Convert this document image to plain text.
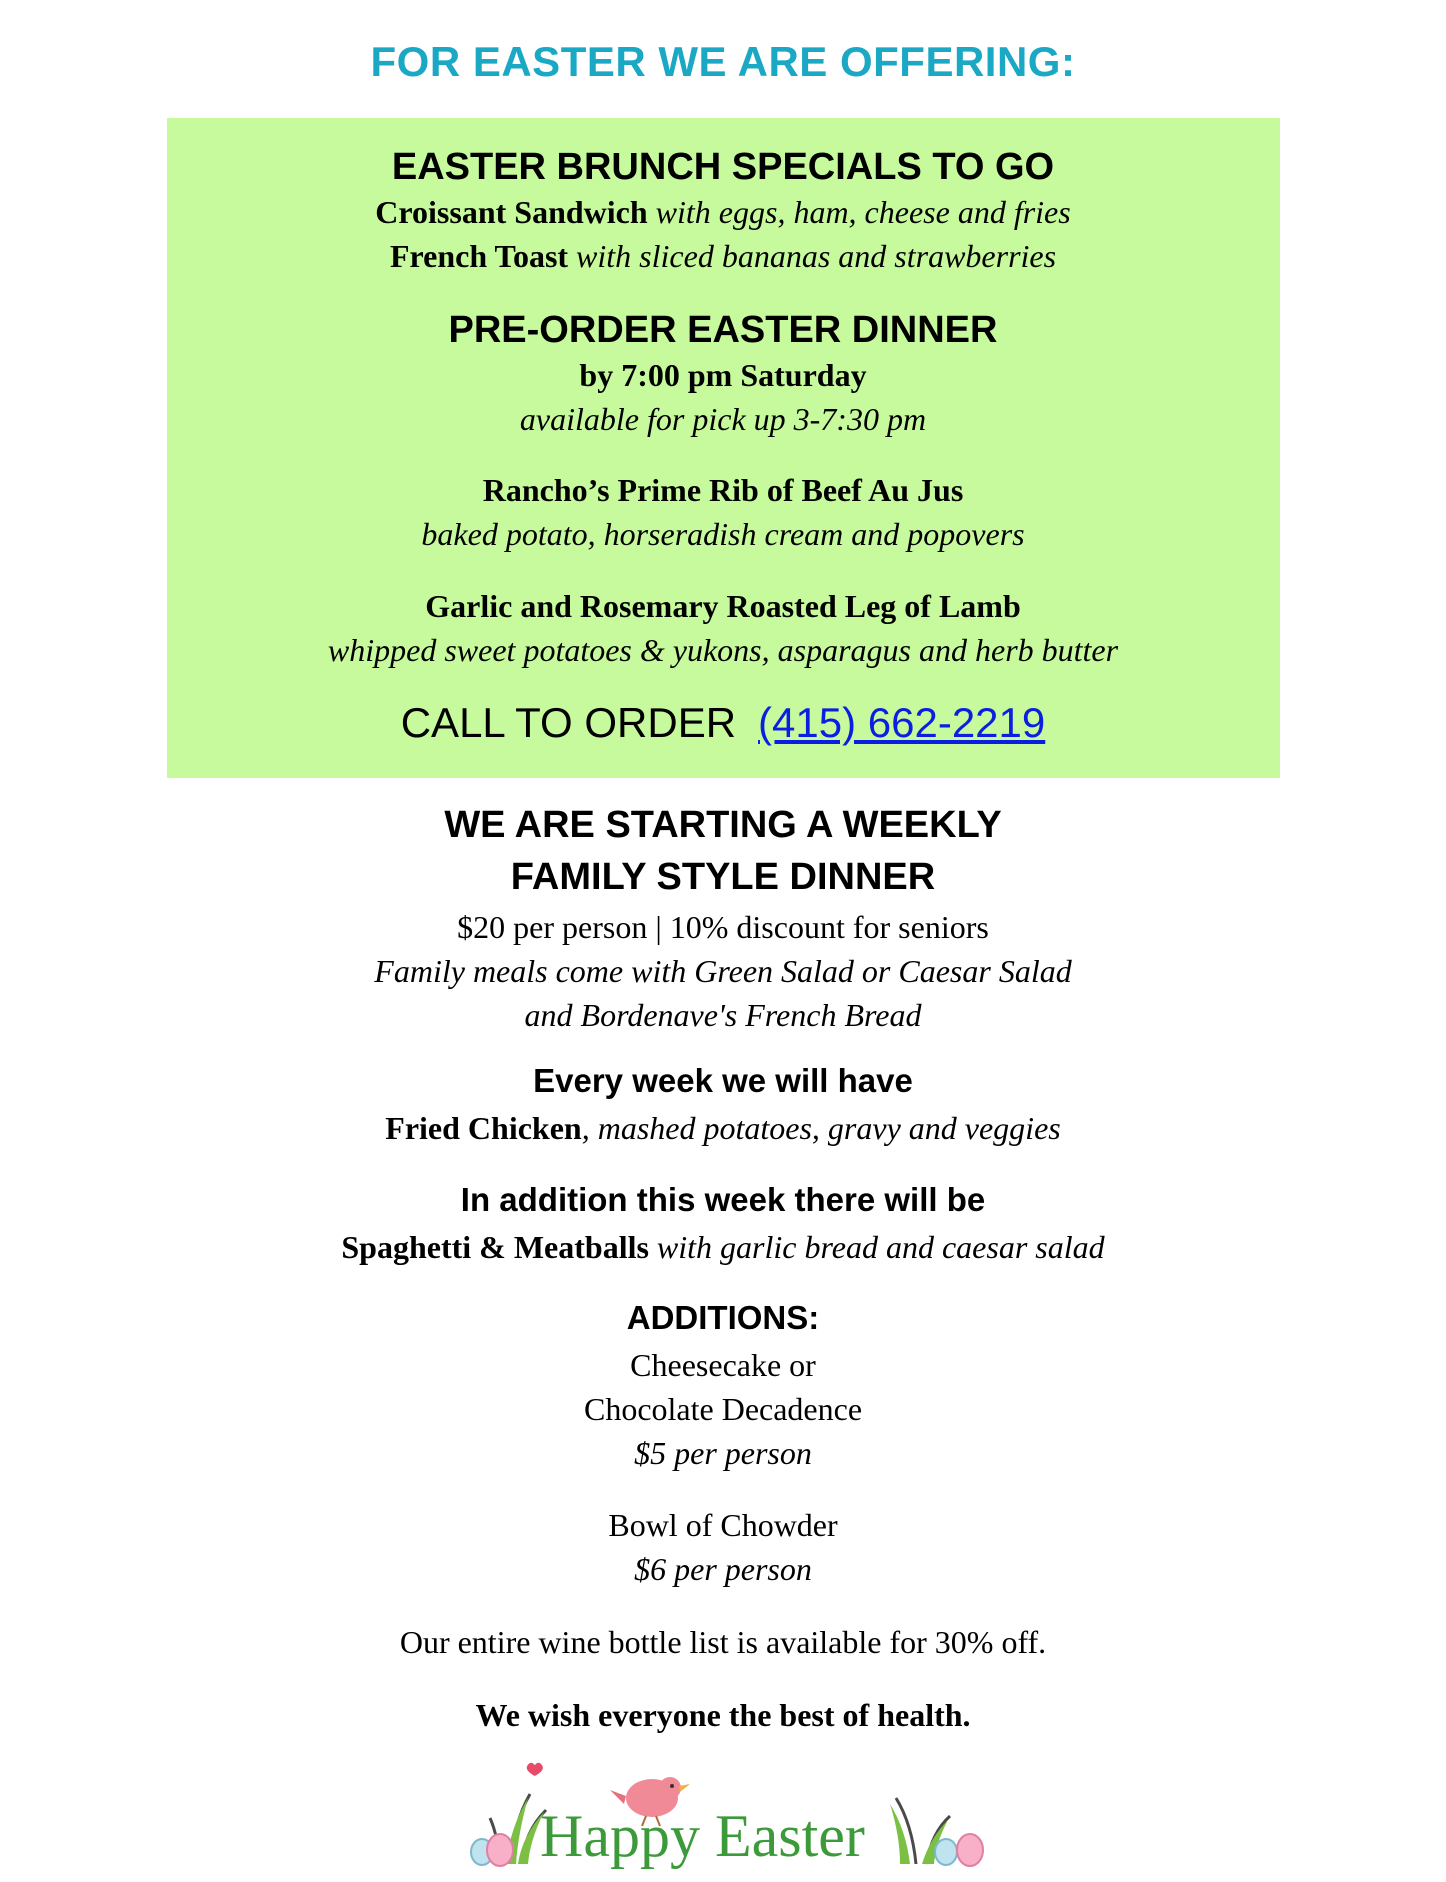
FOR EASTER WE ARE OFFERING:
EASTER BRUNCH SPECIALS TO GO
Croissant Sandwich with eggs, ham, cheese and fries
French Toast with sliced bananas and strawberries
PRE-ORDER EASTER DINNER
by 7:00 pm Saturday
available for pick up 3-7:30 pm
Rancho’s Prime Rib of Beef Au Jus
baked potato, horseradish cream and popovers
Garlic and Rosemary Roasted Leg of Lamb
whipped sweet potatoes & yukons, asparagus and herb butter
CALL TO ORDER (415) 662-2219
WE ARE STARTING A WEEKLY
FAMILY STYLE DINNER
$20 per person | 10% discount for seniors
Family meals come with Green Salad or Caesar Salad
and Bordenave's French Bread
Every week we will have
Fried Chicken, mashed potatoes, gravy and veggies
In addition this week there will be
Spaghetti & Meatballs with garlic bread and caesar salad
ADDITIONS:
Cheesecake or
Chocolate Decadence
$5 per person
Bowl of Chowder
$6 per person
Our entire wine bottle list is available for 30% off.
We wish everyone the best of health.
Happy Easter
